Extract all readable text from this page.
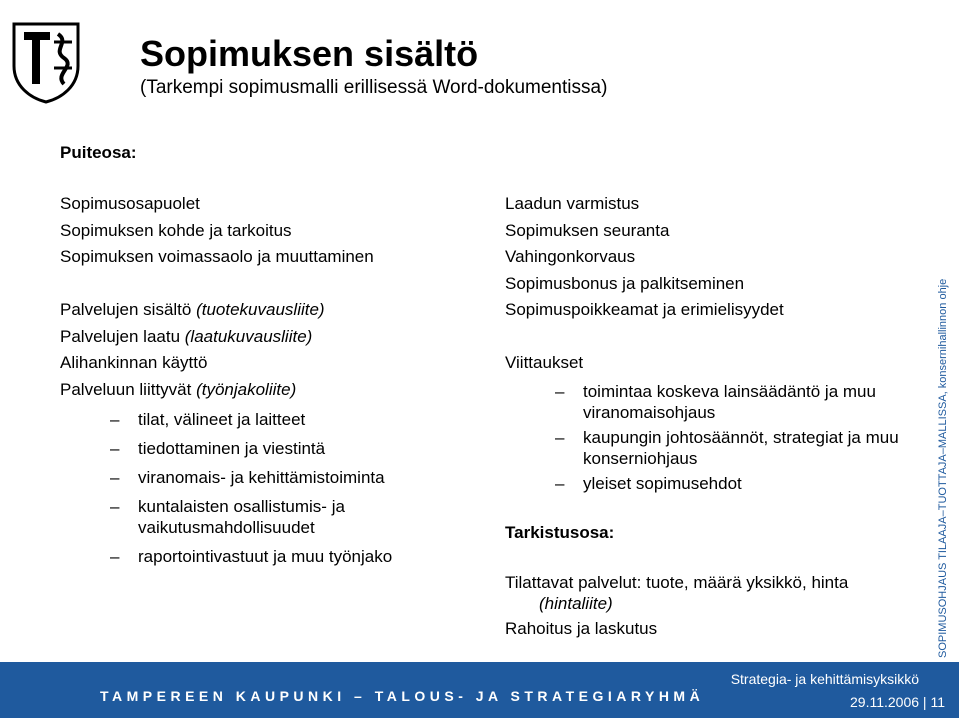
Sopimuksen sisältö
(Tarkempi sopimusmalli erillisessä Word-dokumentissa)
Puiteosa:
Sopimusosapuolet
Sopimuksen kohde ja tarkoitus
Sopimuksen voimassaolo ja muuttaminen
Palvelujen sisältö (tuotekuvausliite)
Palvelujen laatu (laatukuvausliite)
Alihankinnan käyttö
Palveluun liittyvät (työnjakoliite)
– tilat, välineet ja laitteet
– tiedottaminen ja viestintä
– viranomais- ja kehittämistoiminta
– kuntalaisten osallistumis- ja vaikutusmahdollisuudet
– raportointivastuut ja muu työnjako
Laadun varmistus
Sopimuksen seuranta
Vahingonkorvaus
Sopimusbonus ja palkitseminen
Sopimuspoikkeamat ja erimielisyydet
Viittaukset
– toimintaa koskeva lainsäädäntö ja muu viranomaisohjaus
– kaupungin johtosäännöt, strategiat ja muu konserniohjaus
– yleiset sopimusehdot
Tarkistusosa:
Tilattavat palvelut: tuote, määrä yksikkö, hinta
(hintaliite)
Rahoitus ja laskutus	SOPIMUSOHJAUS TILAAJA–TUOTTAJA–MALLISSA, konsernihallinnon ohje
TAMPEREEN KAUPUNKI – TALOUS- JA STRATEGIARYHMÄ
Strategia- ja kehittämisyksikkö
29.11.2006 | 11
